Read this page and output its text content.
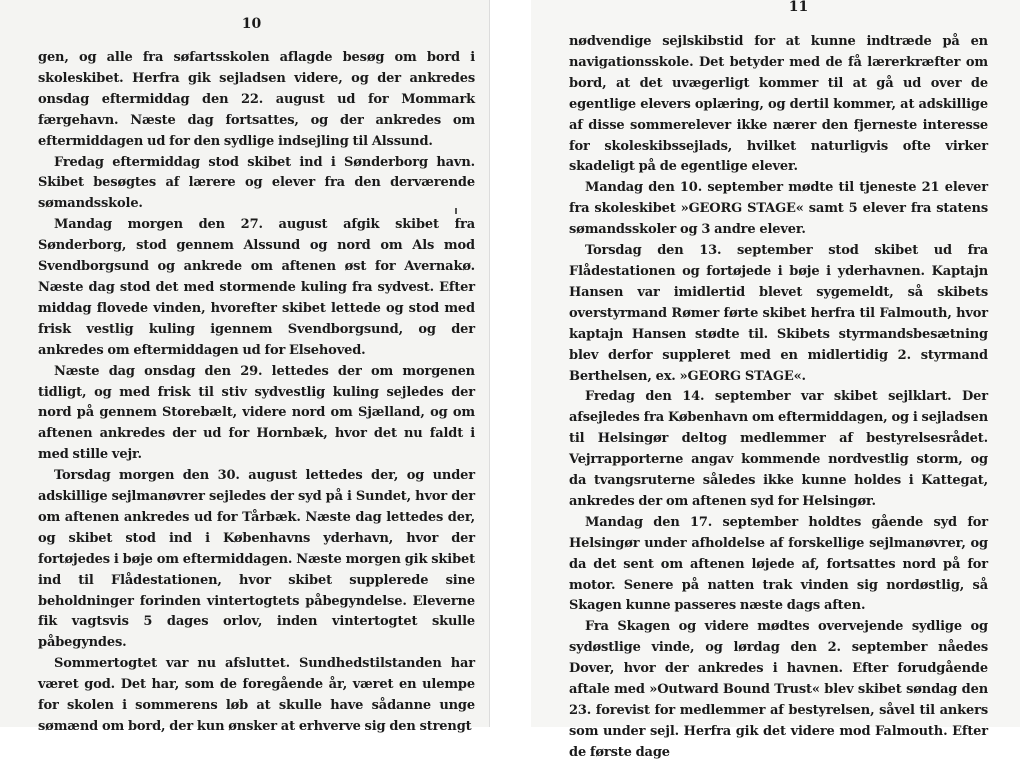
10

gen, og alle fra søfartsskolen aflagde besøg om bord i skoleskibet. Herfra gik sejladsen videre, og der ankredes onsdag eftermiddag den 22. august ud for Mommark færgehavn. Næste dag fortsattes, og der ankredes om eftermiddagen ud for den sydlige indsejling til Alssund.

Fredag eftermiddag stod skibet ind i Sønderborg havn. Skibet besøgtes af lærere og elever fra den derværende sømandsskole.

Mandag morgen den 27. august afgik skibet fra Sønderborg, stod gennem Alssund og nord om Als mod Svendborgsund og ankrede om aftenen øst for Avernakø. Næste dag stod det med stormende kuling fra sydvest. Efter middag flovede vinden, hvorefter skibet lettede og stod med frisk vestlig kuling igennem Svendborgsund, og der ankredes om eftermiddagen ud for Elsehoved.

Næste dag onsdag den 29. lettedes der om morgenen tidligt, og med frisk til stiv sydvestlig kuling sejledes der nord på gennem Storebælt, videre nord om Sjælland, og om aftenen ankredes der ud for Hornbæk, hvor det nu faldt i med stille vejr.

Torsdag morgen den 30. august lettedes der, og under adskillige sejlmanøvrer sejledes der syd på i Sundet, hvor der om aftenen ankredes ud for Tårbæk. Næste dag lettedes der, og skibet stod ind i Københavns yderhavn, hvor der fortøjedes i bøje om eftermiddagen. Næste morgen gik skibet ind til Flådestationen, hvor skibet supplerede sine beholdninger forinden vintertogtets påbegyndelse. Eleverne fik vagtsvis 5 dages orlov, inden vintertogtet skulle påbegyndes.

Sommertogtet var nu afsluttet. Sundhedstilstanden har været god. Det har, som de foregående år, været en ulempe for skolen i sommerens løb at skulle have sådanne unge sømænd om bord, der kun ønsker at erhverve sig den strengt

11

nødvendige sejlskibstid for at kunne indtræde på en navigationsskole. Det betyder med de få lærerkræfter om bord, at det uvægerligt kommer til at gå ud over de egentlige elevers oplæring, og dertil kommer, at adskillige af disse sommerelever ikke nærer den fjerneste interesse for skoleskibssejlads, hvilket naturligvis ofte virker skadeligt på de egentlige elever.

Mandag den 10. september mødte til tjeneste 21 elever fra skoleskibet »GEORG STAGE« samt 5 elever fra statens sømandsskoler og 3 andre elever.

Torsdag den 13. september stod skibet ud fra Flådestationen og fortøjede i bøje i yderhavnen. Kaptajn Hansen var imidlertid blevet sygemeldt, så skibets overstyrmand Rømer førte skibet herfra til Falmouth, hvor kaptajn Hansen stødte til. Skibets styrmandsbesætning blev derfor suppleret med en midlertidig 2. styrmand Berthelsen, ex. »GEORG STAGE«.

Fredag den 14. september var skibet sejlklart. Der afsejledes fra København om eftermiddagen, og i sejladsen til Helsingør deltog medlemmer af bestyrelsesrådet. Vejrrapporterne angav kommende nordvestlig storm, og da tvangsruterne således ikke kunne holdes i Kattegat, ankredes der om aftenen syd for Helsingør.

Mandag den 17. september holdtes gående syd for Helsingør under afholdelse af forskellige sejlmanøvrer, og da det sent om aftenen løjede af, fortsattes nord på for motor. Senere på natten trak vinden sig nordøstlig, så Skagen kunne passeres næste dags aften.

Fra Skagen og videre mødtes overvejende sydlige og sydøstlige vinde, og lørdag den 2. september nåedes Dover, hvor der ankredes i havnen. Efter forudgående aftale med »Outward Bound Trust« blev skibet søndag den 23. forevist for medlemmer af bestyrelsen, såvel til ankers som under sejl. Herfra gik det videre mod Falmouth. Efter de første dage
